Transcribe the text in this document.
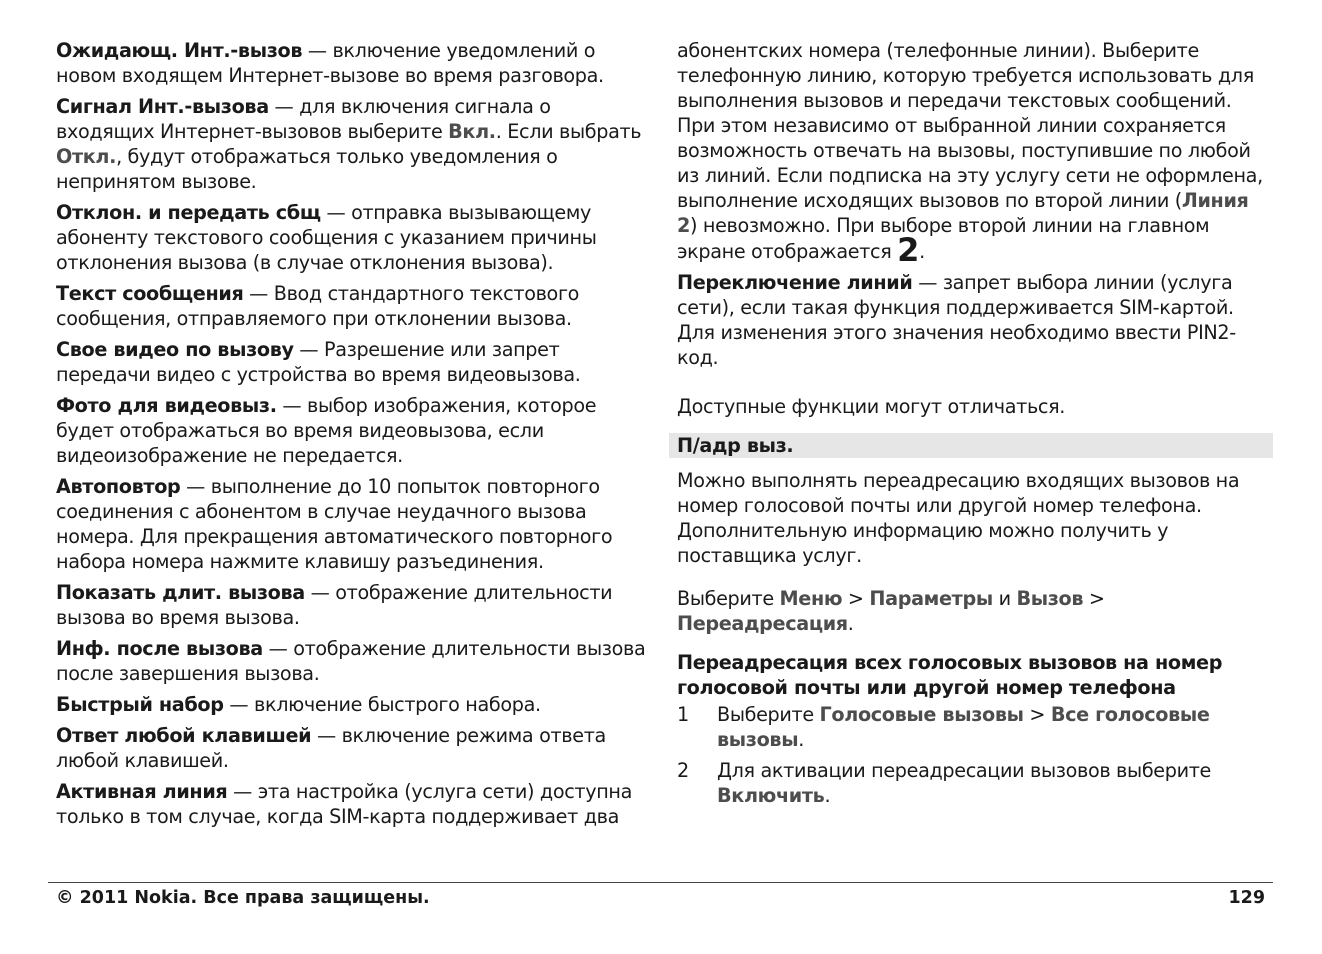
Ожидающ. Инт.-вызов — включение уведомлений о новом входящем Интернет-вызове во время разговора.

Сигнал Инт.-вызова — для включения сигнала о входящих Интернет-вызовов выберите Вкл.. Если выбрать Откл., будут отображаться только уведомления о непринятом вызове.

Отклон. и передать сбщ — отправка вызывающему абоненту текстового сообщения с указанием причины отклонения вызова (в случае отклонения вызова).

Текст сообщения — Ввод стандартного текстового сообщения, отправляемого при отклонении вызова.

Свое видео по вызову — Разрешение или запрет передачи видео с устройства во время видеовызова.

Фото для видеовыз. — выбор изображения, которое будет отображаться во время видеовызова, если видеоизображение не передается.

Автоповтор — выполнение до 10 попыток повторного соединения с абонентом в случае неудачного вызова номера. Для прекращения автоматического повторного набора номера нажмите клавишу разъединения.

Показать длит. вызова — отображение длительности вызова во время вызова.

Инф. после вызова — отображение длительности вызова после завершения вызова.

Быстрый набор — включение быстрого набора.

Ответ любой клавишей — включение режима ответа любой клавишей.

Активная линия — эта настройка (услуга сети) доступна только в том случае, когда SIM-карта поддерживает два

абонентских номера (телефонные линии). Выберите телефонную линию, которую требуется использовать для выполнения вызовов и передачи текстовых сообщений. При этом независимо от выбранной линии сохраняется возможность отвечать на вызовы, поступившие по любой из линий. Если подписка на эту услугу сети не оформлена, выполнение исходящих вызовов по второй линии (Линия 2) невозможно. При выборе второй линии на главном экране отображается 2.

Переключение линий — запрет выбора линии (услуга сети), если такая функция поддерживается SIM-картой. Для изменения этого значения необходимо ввести PIN2-код.

Доступные функции могут отличаться.

П/адр выз.

Можно выполнять переадресацию входящих вызовов на номер голосовой почты или другой номер телефона. Дополнительную информацию можно получить у поставщика услуг.

Выберите Меню > Параметры и Вызов > Переадресация.

Переадресация всех голосовых вызовов на номер голосовой почты или другой номер телефона
1	Выберите Голосовые вызовы > Все голосовые вызовы.
2	Для активации переадресации вызовов выберите Включить.
© 2011 Nokia. Все права защищены.	129
